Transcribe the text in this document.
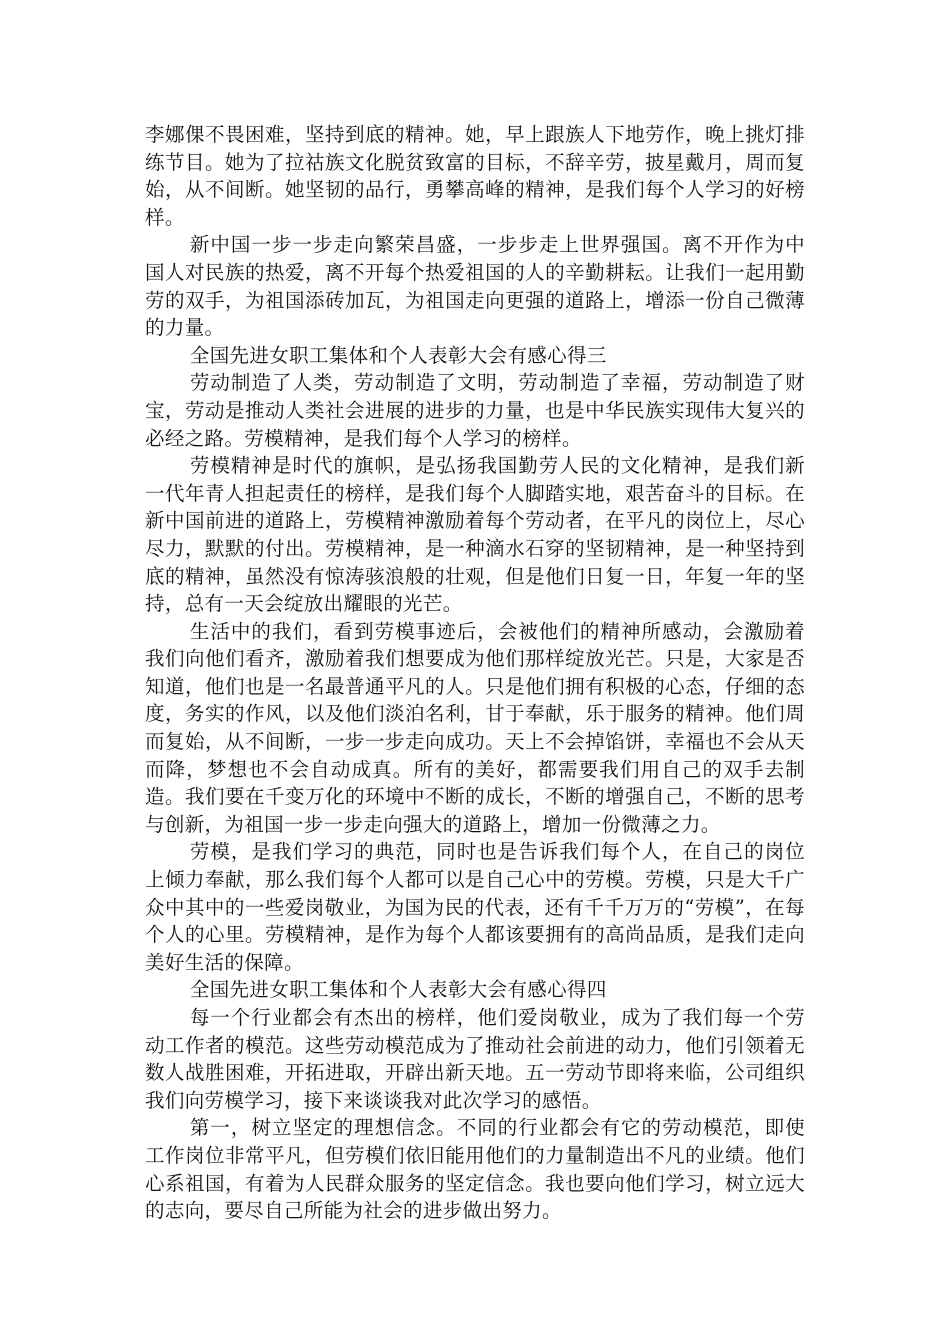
李娜倮不畏困难，坚持到底的精神。她，早上跟族人下地劳作，晚上挑灯排练节目。她为了拉祜族文化脱贫致富的目标，不辞辛劳，披星戴月，周而复始，从不间断。她坚韧的品行，勇攀高峰的精神，是我们每个人学习的好榜样。

新中国一步一步走向繁荣昌盛，一步步走上世界强国。离不开作为中国人对民族的热爱，离不开每个热爱祖国的人的辛勤耕耘。让我们一起用勤劳的双手，为祖国添砖加瓦，为祖国走向更强的道路上，增添一份自己微薄的力量。

全国先进女职工集体和个人表彰大会有感心得三

劳动制造了人类，劳动制造了文明，劳动制造了幸福，劳动制造了财宝，劳动是推动人类社会进展的进步的力量，也是中华民族实现伟大复兴的必经之路。劳模精神，是我们每个人学习的榜样。

劳模精神是时代的旗帜，是弘扬我国勤劳人民的文化精神，是我们新一代年青人担起责任的榜样，是我们每个人脚踏实地，艰苦奋斗的目标。在新中国前进的道路上，劳模精神激励着每个劳动者，在平凡的岗位上，尽心尽力，默默的付出。劳模精神，是一种滴水石穿的坚韧精神，是一种坚持到底的精神，虽然没有惊涛骇浪般的壮观，但是他们日复一日，年复一年的坚持，总有一天会绽放出耀眼的光芒。

生活中的我们，看到劳模事迹后，会被他们的精神所感动，会激励着我们向他们看齐，激励着我们想要成为他们那样绽放光芒。只是，大家是否知道，他们也是一名最普通平凡的人。只是他们拥有积极的心态，仔细的态度，务实的作风，以及他们淡泊名利，甘于奉献，乐于服务的精神。他们周而复始，从不间断，一步一步走向成功。天上不会掉馅饼，幸福也不会从天而降，梦想也不会自动成真。所有的美好，都需要我们用自己的双手去制造。我们要在千变万化的环境中不断的成长，不断的增强自己，不断的思考与创新，为祖国一步一步走向强大的道路上，增加一份微薄之力。

劳模，是我们学习的典范，同时也是告诉我们每个人，在自己的岗位上倾力奉献，那么我们每个人都可以是自己心中的劳模。劳模，只是大千广众中其中的一些爱岗敬业，为国为民的代表，还有千千万万的“劳模”，在每个人的心里。劳模精神，是作为每个人都该要拥有的高尚品质，是我们走向美好生活的保障。

全国先进女职工集体和个人表彰大会有感心得四

每一个行业都会有杰出的榜样，他们爱岗敬业，成为了我们每一个劳动工作者的模范。这些劳动模范成为了推动社会前进的动力，他们引领着无数人战胜困难，开拓进取，开辟出新天地。五一劳动节即将来临，公司组织我们向劳模学习，接下来谈谈我对此次学习的感悟。

第一，树立坚定的理想信念。不同的行业都会有它的劳动模范，即使工作岗位非常平凡，但劳模们依旧能用他们的力量制造出不凡的业绩。他们心系祖国，有着为人民群众服务的坚定信念。我也要向他们学习，树立远大的志向，要尽自己所能为社会的进步做出努力。
